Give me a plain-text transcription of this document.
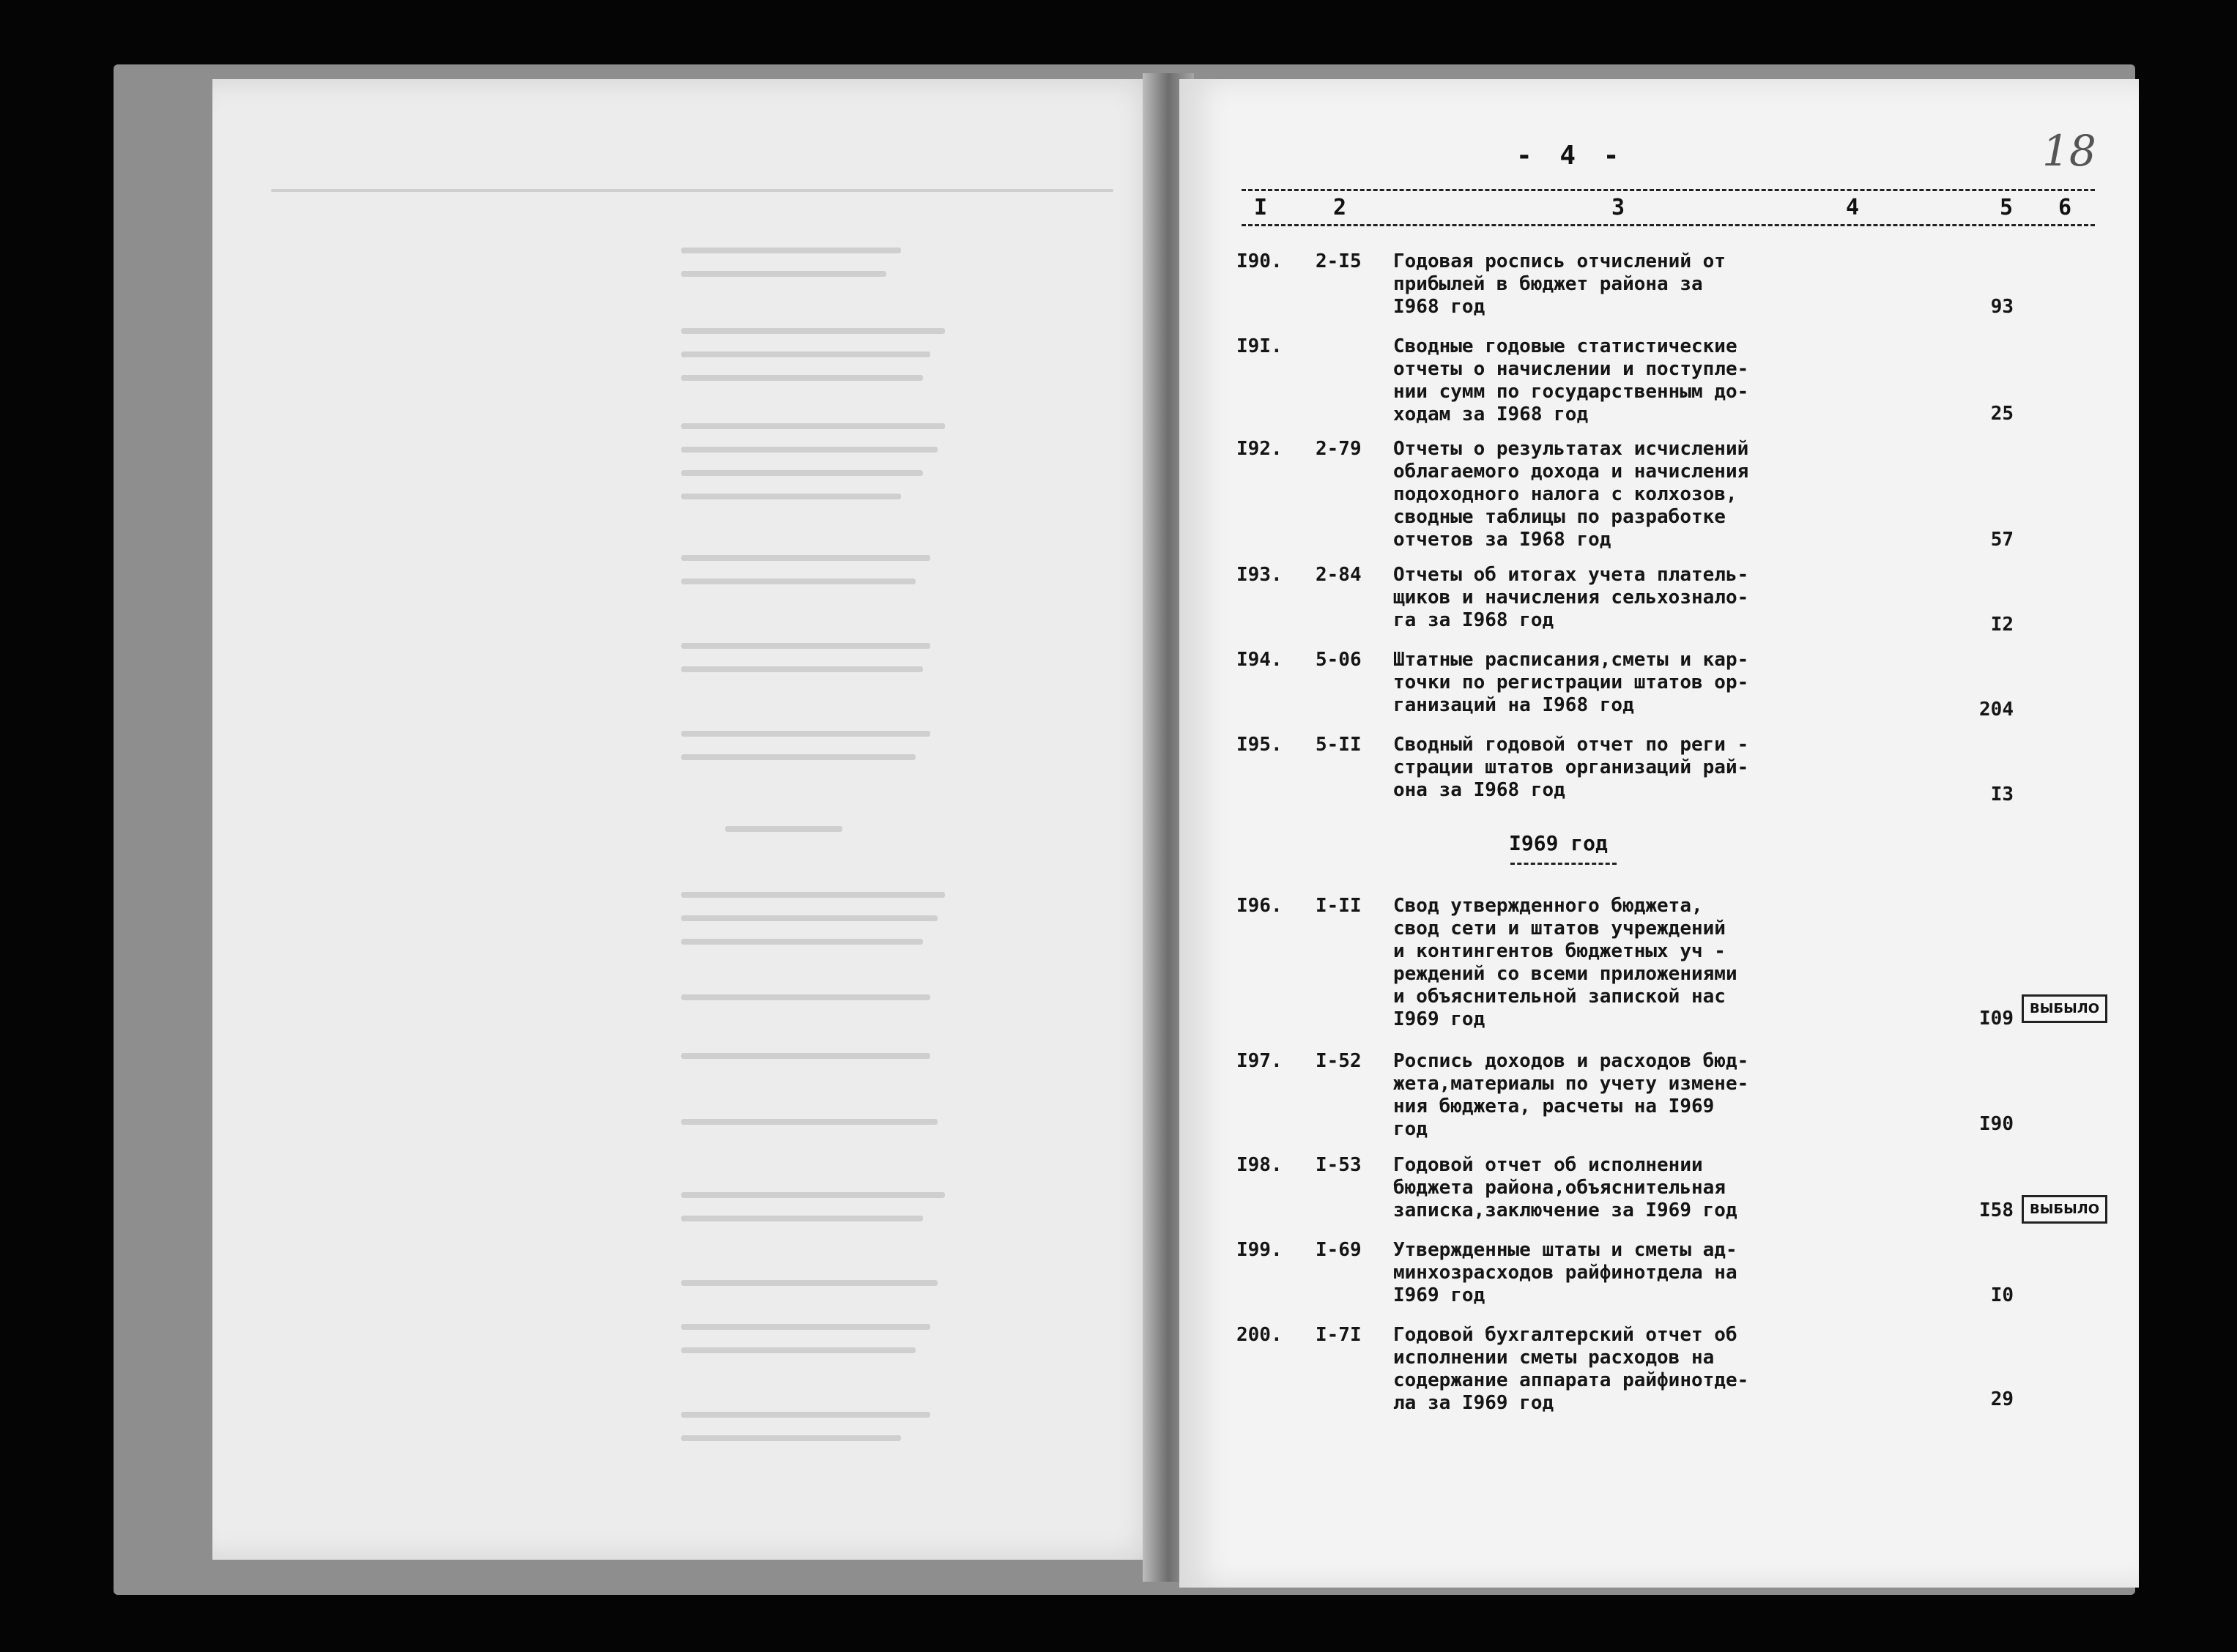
18
- 4 -
I	2	3	4	5 6
I90. 2-I5 Годовая роспись отчислений от
прибылей в бюджет района за
I968 год	93
I9I.	Сводные годовые статистические
отчеты о начислении и поступле-
нии сумм по государственным до-
ходам за I968 год	25
I92. 2-79 Отчеты о результатах исчислений
облагаемого дохода и начисления
подоходного налога с колхозов,
сводные таблицы по разработке
отчетов за I968 год	57
I93. 2-84 Отчеты об итогах учета платель-
щиков и начисления сельхознало-
га за I968 год	I2
I94. 5-06 Штатные расписания,сметы и кар-
точки по регистрации штатов ор-
ганизаций на I968 год	204
I95. 5-II Сводный годовой отчет по реги -
страции штатов организаций рай-
она за I968 год	I3
I969 год
I96. I-II Свод утвержденного бюджета,
свод сети и штатов учреждений
и контингентов бюджетных уч -
реждений со всеми приложениями
и объяснительной запиской нас
I969 год	I09	ВЫБЫЛО
I97. I-52 Роспись доходов и расходов бюд-
жета,материалы по учету измене-
ния бюджета, расчеты на I969
год	I90
I98. I-53 Годовой отчет об исполнении
бюджета района,объяснительная
записка,заключение за I969 год	I58	ВЫБЫЛО
I99. I-69 Утвержденные штаты и сметы ад-
минхозрасходов райфинотдела на
I969 год	I0
200. I-7I Годовой бухгалтерский отчет об
исполнении сметы расходов на
содержание аппарата райфинотде-
ла за I969 год	29
